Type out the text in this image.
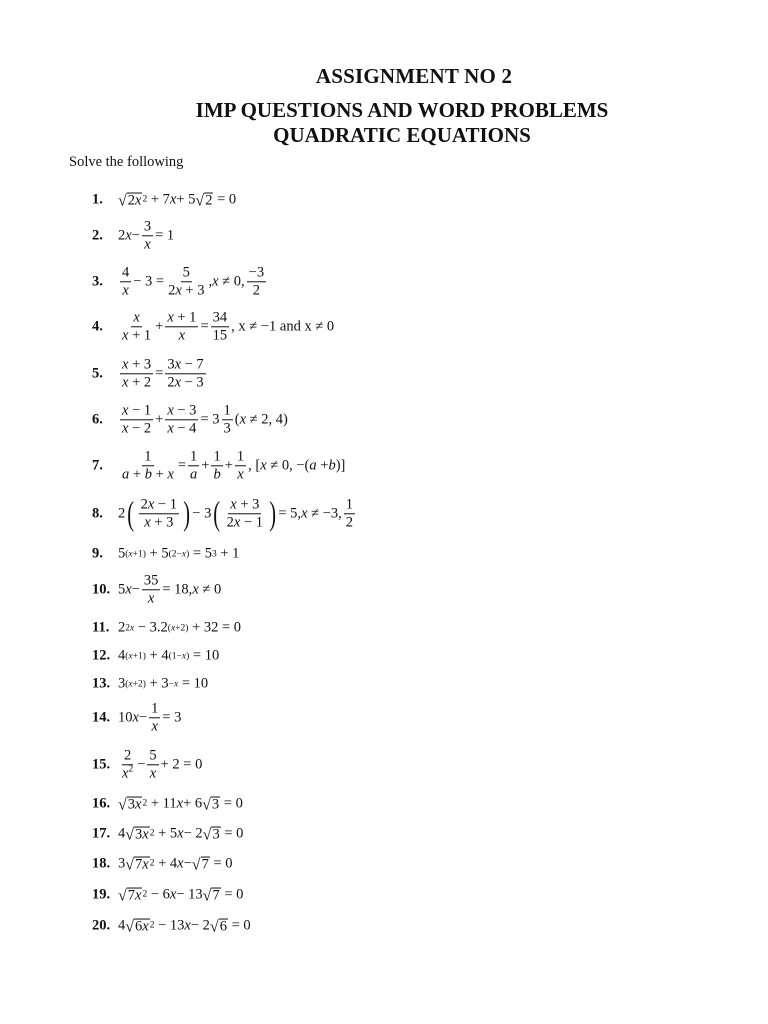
ASSIGNMENT NO 2
IMP QUESTIONS AND WORD PROBLEMS
QUADRATIC EQUATIONS
Solve the following
1. √ 2x 2 + 7 x + 5 √ 2 = 0
2.	2 x −
3
x
= 1
3.
4
x
− 3 =
5
2x + 3
, x ≠ 0,
−3
2
4.
x
x + 1
+
x + 1
x
=
34
15
, x ≠ −1 and x ≠ 0
5.
x + 3
x + 2
=
3x − 7
2x − 3
6.
x − 1
x − 2
+
x − 3
x − 4
= 3
1
3
( x ≠ 2, 4)
7.
1
a + b + x
=
1
a
+
1
b
+
1
x
, [ x ≠ 0, −( a + b )]
8.	2 ( 2x − 1
x + 3 ) − 3 ( x + 3
2x − 1 ) = 5, x ≠ −3,
1
2
9.	5 (x+1) + 5 (2−x) = 5 3 + 1
10. 5 x −
35
x
= 18, x ≠ 0
11. 2 2x − 3.2 (x+2) + 32 = 0
12. 4 (x+1) + 4 (1−x) = 10
13. 3 (x+2) + 3 −x = 10
14. 10 x −
1
x
= 3
15.
2
$x^2$ −
5
x
+ 2 = 0
16. √ 3x 2 + 11 x + 6 √ 3 = 0
17. 4 √ 3x 2 + 5 x − 2 √ 3 = 0
18. 3 √ 7x 2 + 4 x − √ 7 = 0
19. √ 7x 2 − 6 x − 13 √ 7 = 0
20. 4 √ 6x 2 − 13 x − 2 √ 6 = 0
